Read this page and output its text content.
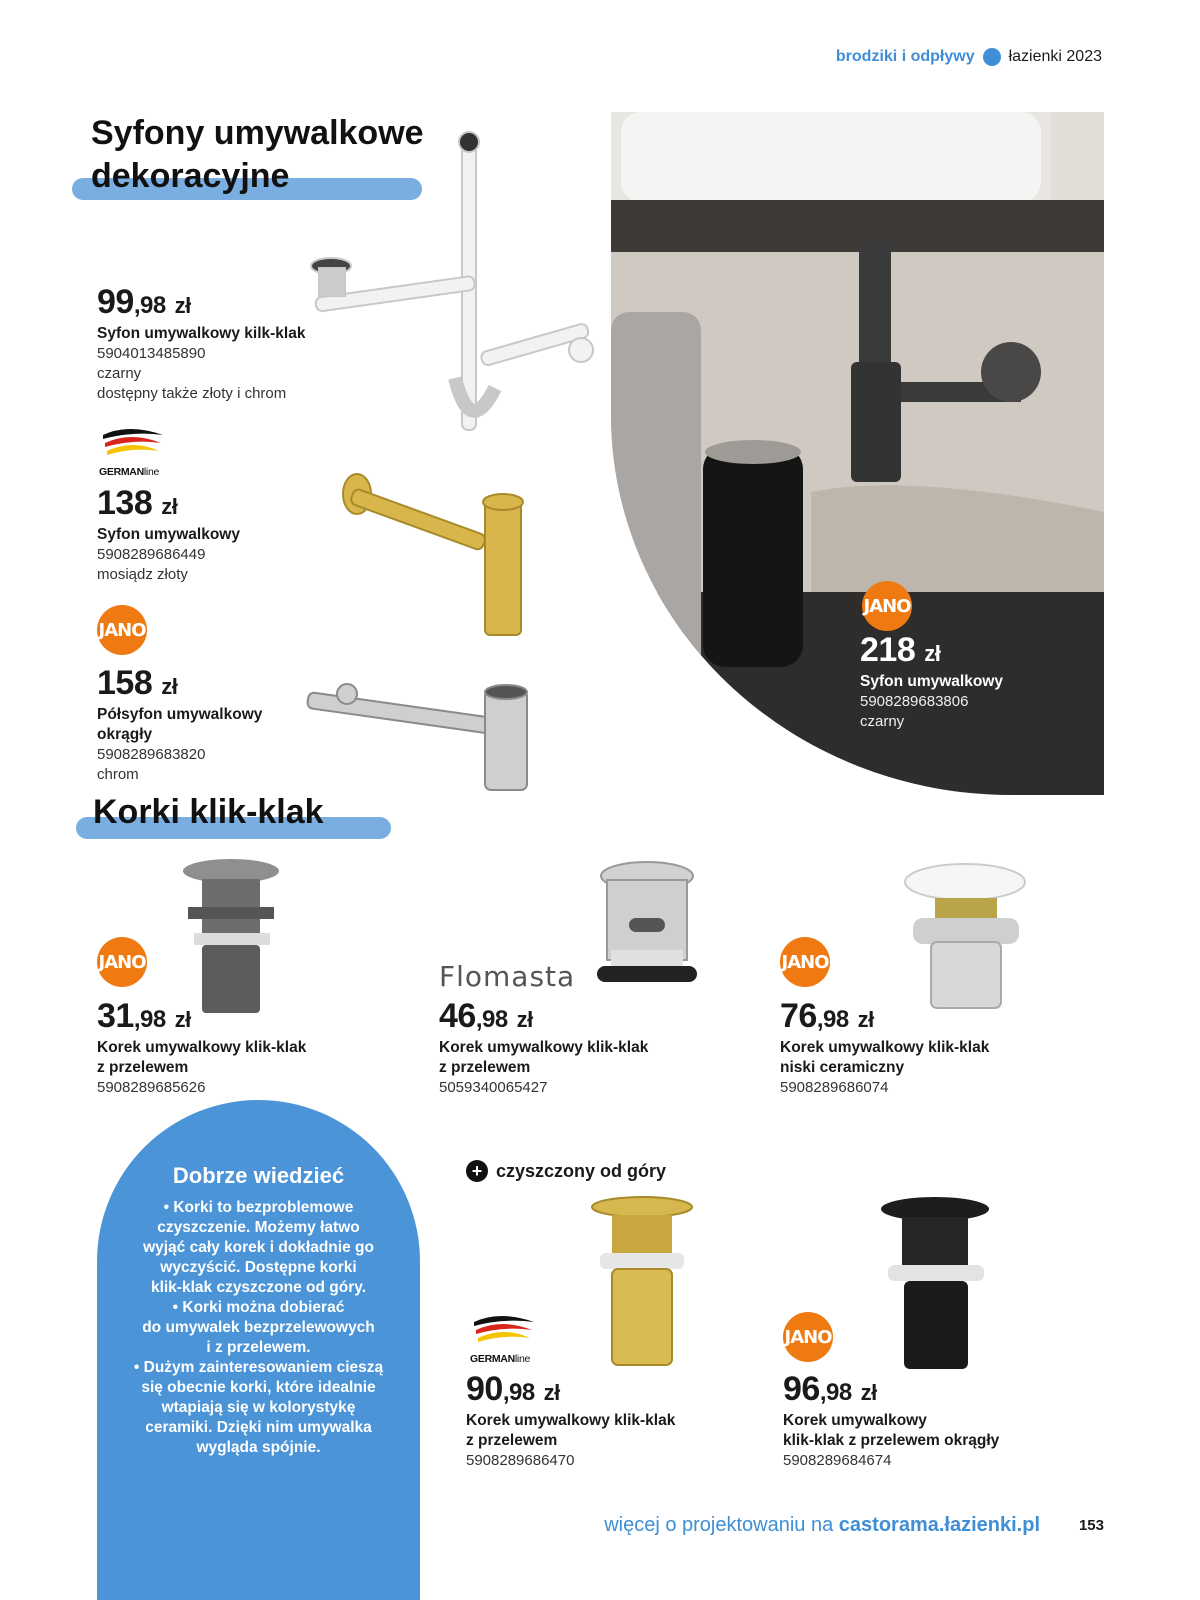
brodziki i odpływy łazienki 2023
Syfony umywalkowe
dekoracyjne
99,98 zł
Syfon umywalkowy kilk-klak
5904013485890
czarny
dostępny także złoty i chrom
GERMANline
138 zł
Syfon umywalkowy
5908289686449
mosiądz złoty
JANO
158 zł
Półsyfon umywalkowy
okrągły
5908289683820
chrom
JANO
218 zł
Syfon umywalkowy
5908289683806
czarny
Korki klik-klak
JANO
31,98 zł
Korek umywalkowy klik-klak
z przelewem
5908289685626
Flomasta
46,98 zł
Korek umywalkowy klik-klak
z przelewem
5059340065427
JANO
76,98 zł
Korek umywalkowy klik-klak
niski ceramiczny
5908289686074
Dobrze wiedzieć
• Korki to bezproblemowe
czyszczenie. Możemy łatwo
wyjąć cały korek i dokładnie go
wyczyścić. Dostępne korki
klik-klak czyszczone od góry.
• Korki można dobierać
do umywalek bezprzelewowych
i z przelewem.
• Dużym zainteresowaniem cieszą
się obecnie korki, które idealnie
wtapiają się w kolorystykę
ceramiki. Dzięki nim umywalka
wygląda spójnie.
+ czyszczony od góry
GERMANline
90,98 zł
Korek umywalkowy klik-klak
z przelewem
5908289686470
JANO
96,98 zł
Korek umywalkowy
klik-klak z przelewem okrągły
5908289684674
więcej o projektowaniu na castorama.łazienki.pl	153
